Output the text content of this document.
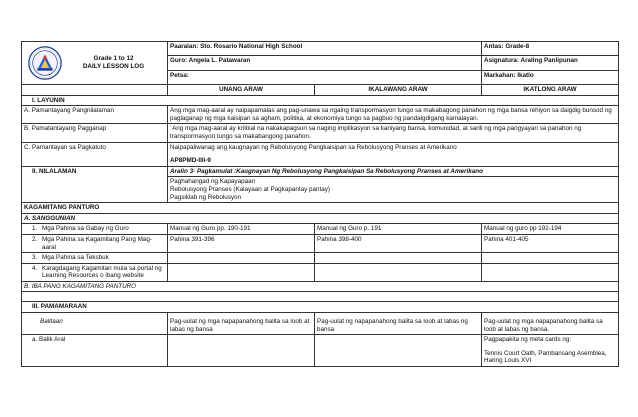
Grade 1 to 12
DAILY LESSON LOG	Paaralan: Sto. Rosario National High School		Antas: Grade-8
	Guro: Angela L. Patawaran		Asignatura: Araling Panlipunan
	Petsa:		Markahan: Ikatlo
	UNANG ARAW	IKALAWANG ARAW	IKATLONG ARAW
I. LAYUNIN			
A. Pamantayang Pangnilalaman	Ang mga mag-aaral ay naipapamalas ang pag-unawa sa ngaing transpormasyon tungo sa makabagong panahon ng mga bansa rehiyon sa daigdig bunsod ng paglaganap ng mga kaisipan sa agham, politika, at ekonomiya tungo sa pagbuo ng pandaigdigang kamalayan.		
B. Pamatantayang Pagganap	`Ang mga mag-aaral ay kritikal na nakakapagsuri sa naging implikasyon sa kaniyang bansa, komunidad, at sarili ng mga pangyayari sa panahon ng transpormasyon tungo sa makabangong panahon.		
C. Pamantayan sa Pagkatuto	Naipapaliwanag ang kaugnayan ng Rebolusyong Pangkaisipan sa Rebolusyong Pranses at Amerikano
AP8PMD-IIIi-9		

II. NILALAMAN	Aralin 3- Pagkamulat :Kaugnayan Ng Rebolusyong Pangkaisipan Sa Rebolusyong Pranses at Amerikano		

	Paghahangad ng Kapayapaan
Rebolusyong Pranses (Kalayaan at Pagkapantay pantay)
Pagsiklab ng Rebolusyon		

KAGAMITANG PANTURO			
A. SANGGUNIAN			

1. Mga Pahina sa Gabay ng Guro	Manual ng Guro pp. 190-191	Manual ng Guro p. 191	Manual ng guro pp 192-194

2. Mga Pahina sa Kagamitang Pang Mag-aaral	Pahina 391-396	Pahina 398-400	Pahina 401-405

3. Mga Pahina sa Teksbuk			

4. Karagdagang Kagamitan mula sa portal ng Learning Resources o ibang website			

B. IBA PANG KAGAMITANG PANTURO			

III. PAMAMARAAN			
Balitaan	Pag-uulat ng mga napapanahong balita sa loob at labas ng bansa	Pag-uulat ng napapanahong balita sa loob at labas ng bansa	Pag-uulat ng mga napapanahong balita sa loob at labas ng bansa.
a. Balik Aral			Pagpapakita ng meta cards ng:
Tennis Court Oath, Pambansang Asemblea, Haring Louis XVI
